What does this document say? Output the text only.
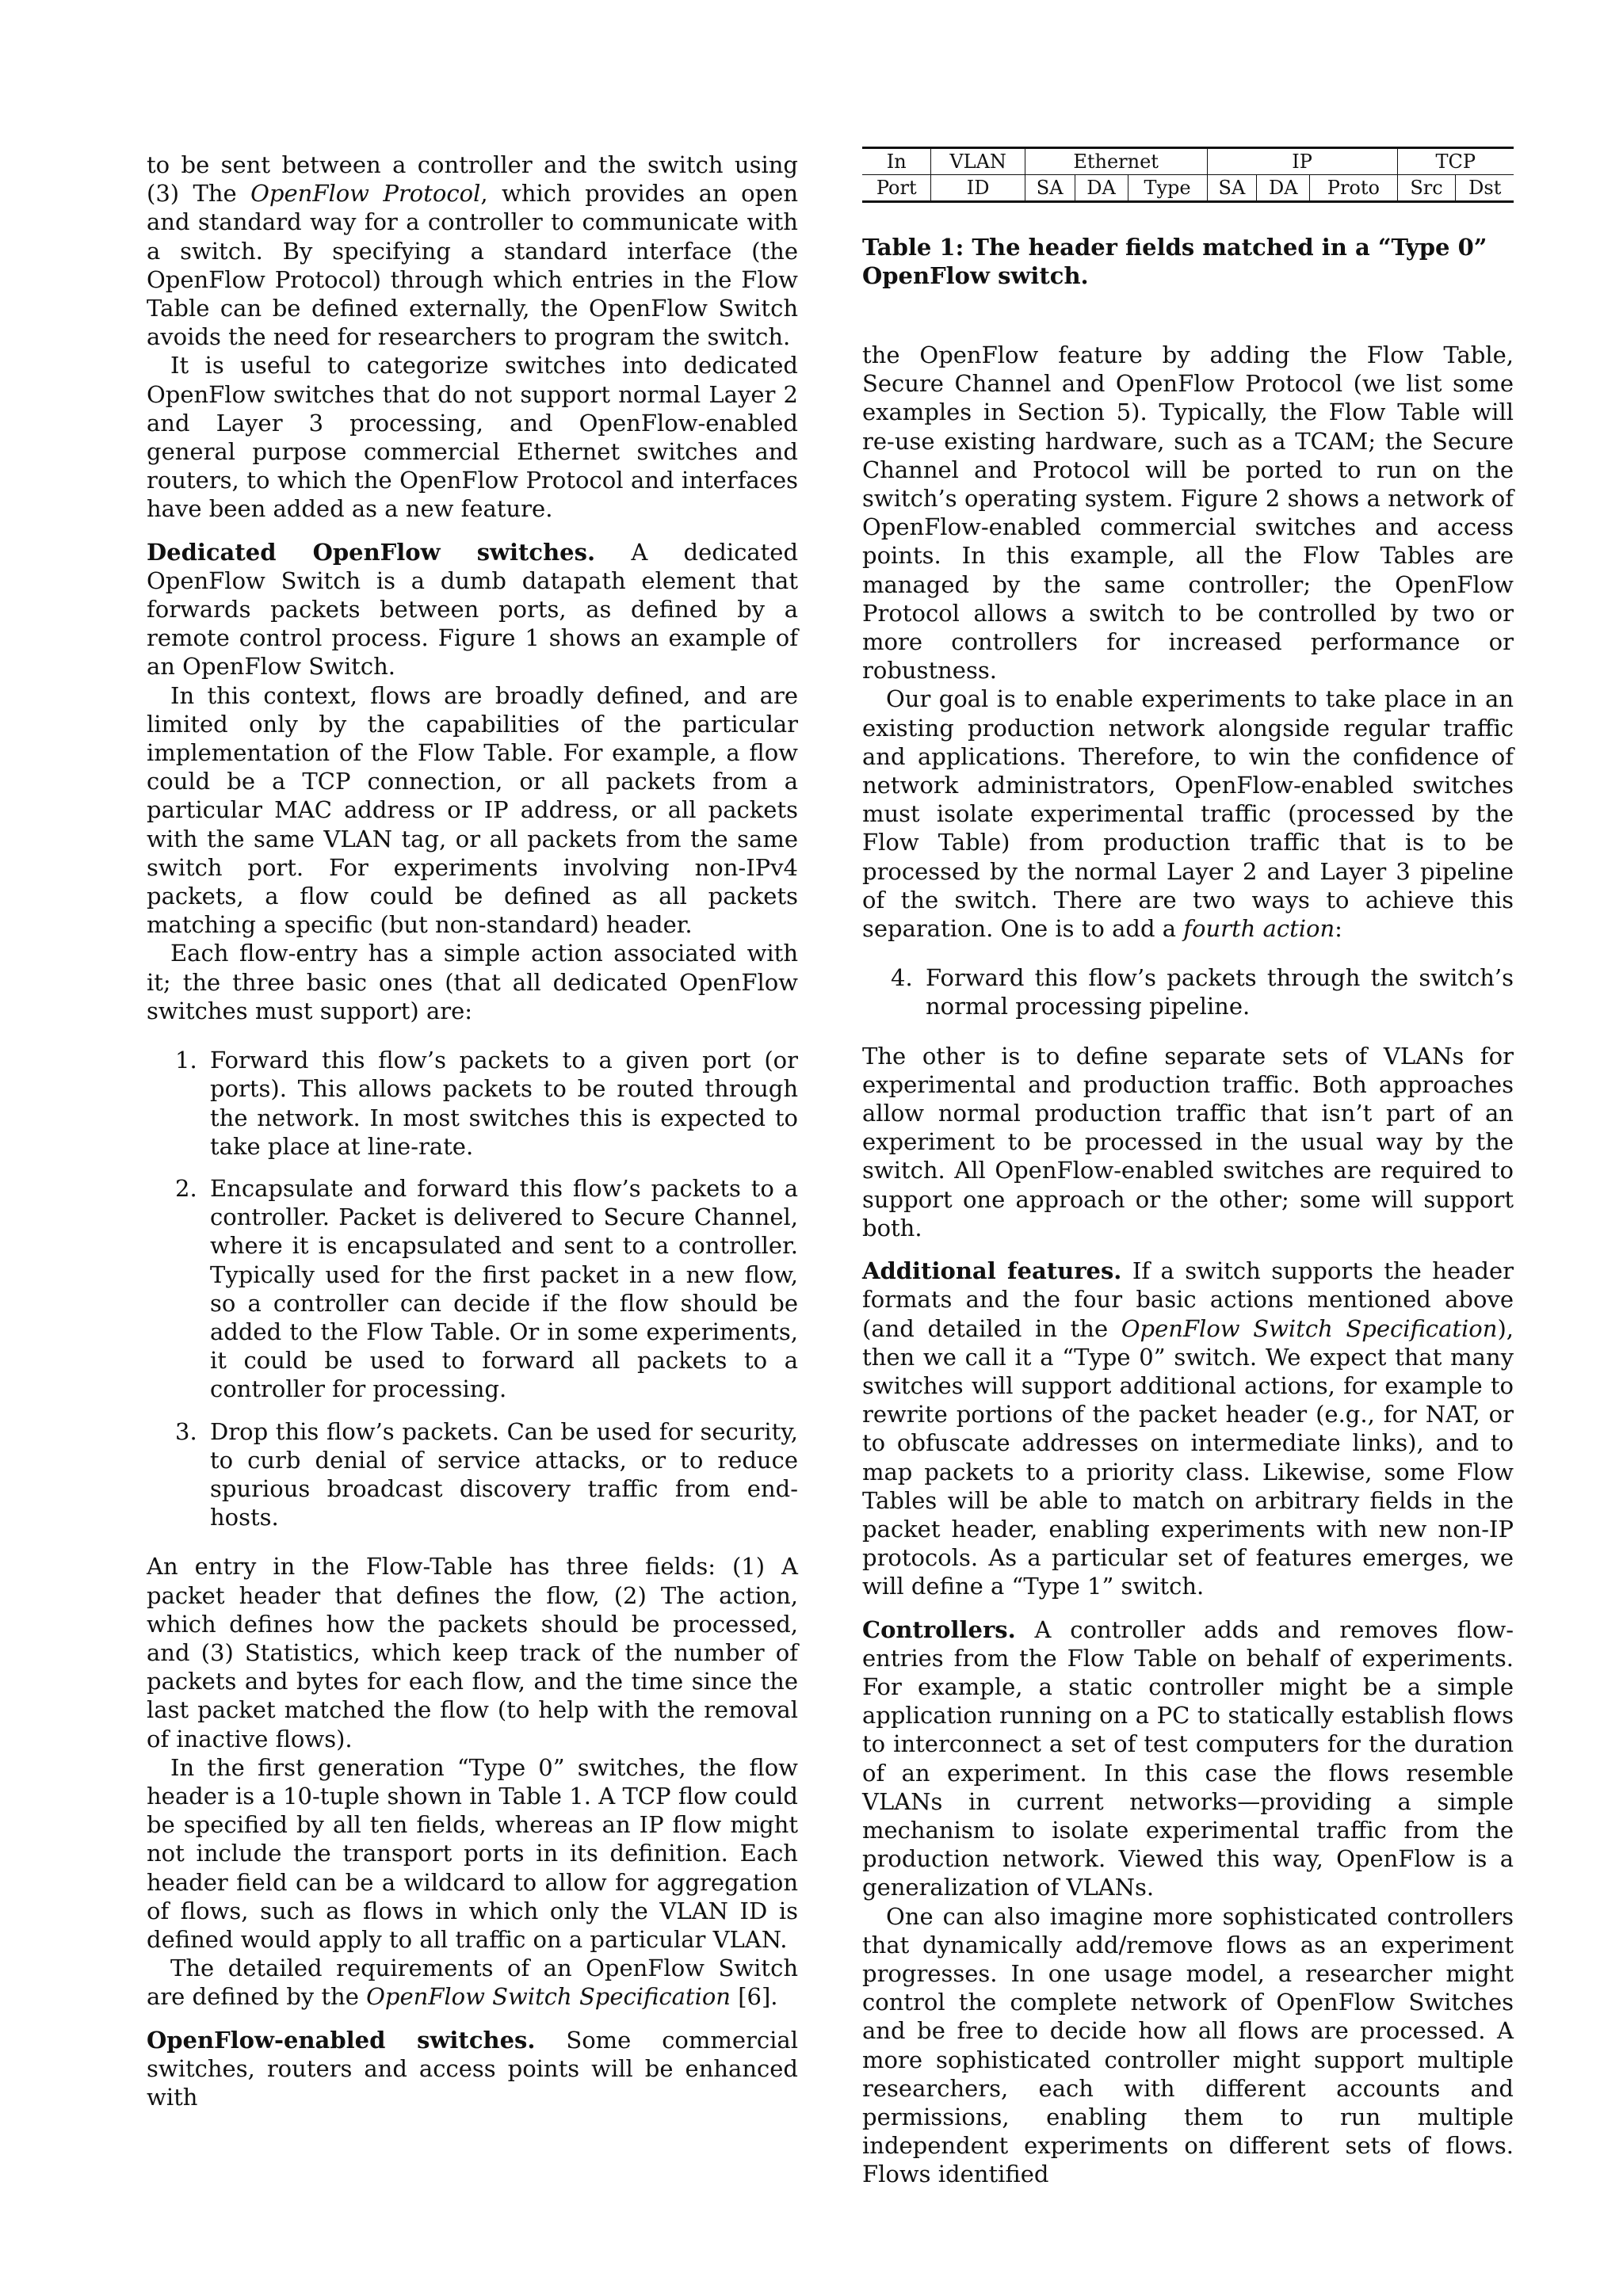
to be sent between a controller and the switch using (3) The OpenFlow Protocol, which provides an open and standard way for a controller to communicate with a switch. By specifying a standard interface (the OpenFlow Protocol) through which entries in the Flow Table can be defined externally, the OpenFlow Switch avoids the need for researchers to program the switch.

It is useful to categorize switches into dedicated OpenFlow switches that do not support normal Layer 2 and Layer 3 processing, and OpenFlow-enabled general purpose commercial Ethernet switches and routers, to which the OpenFlow Protocol and interfaces have been added as a new feature.

Dedicated OpenFlow switches. A dedicated OpenFlow Switch is a dumb datapath element that forwards packets between ports, as defined by a remote control process. Figure 1 shows an example of an OpenFlow Switch.

In this context, flows are broadly defined, and are limited only by the capabilities of the particular implementation of the Flow Table. For example, a flow could be a TCP connection, or all packets from a particular MAC address or IP address, or all packets with the same VLAN tag, or all packets from the same switch port. For experiments involving non-IPv4 packets, a flow could be defined as all packets matching a specific (but non-standard) header.

Each flow-entry has a simple action associated with it; the three basic ones (that all dedicated OpenFlow switches must support) are:

1. Forward this flow’s packets to a given port (or ports). This allows packets to be routed through the network. In most switches this is expected to take place at line-rate.
2. Encapsulate and forward this flow’s packets to a controller. Packet is delivered to Secure Channel, where it is encapsulated and sent to a controller. Typically used for the first packet in a new flow, so a controller can decide if the flow should be added to the Flow Table. Or in some experiments, it could be used to forward all packets to a controller for processing.
3. Drop this flow’s packets. Can be used for security, to curb denial of service attacks, or to reduce spurious broadcast discovery traffic from end-hosts.

An entry in the Flow-Table has three fields: (1) A packet header that defines the flow, (2) The action, which defines how the packets should be processed, and (3) Statistics, which keep track of the number of packets and bytes for each flow, and the time since the last packet matched the flow (to help with the removal of inactive flows).

In the first generation “Type 0” switches, the flow header is a 10-tuple shown in Table 1. A TCP flow could be specified by all ten fields, whereas an IP flow might not include the transport ports in its definition. Each header field can be a wildcard to allow for aggregation of flows, such as flows in which only the VLAN ID is defined would apply to all traffic on a particular VLAN.

The detailed requirements of an OpenFlow Switch are defined by the OpenFlow Switch Specification [6].

OpenFlow-enabled switches. Some commercial switches, routers and access points will be enhanced with

In	VLAN	Ethernet			IP			TCP	
Port	ID	SA	DA	Type	SA	DA	Proto	Src	Dst
Table 1: The header fields matched in a “Type 0” OpenFlow switch.

the OpenFlow feature by adding the Flow Table, Secure Channel and OpenFlow Protocol (we list some examples in Section 5). Typically, the Flow Table will re-use existing hardware, such as a TCAM; the Secure Channel and Protocol will be ported to run on the switch’s operating system. Figure 2 shows a network of OpenFlow-enabled commercial switches and access points. In this example, all the Flow Tables are managed by the same controller; the OpenFlow Protocol allows a switch to be controlled by two or more controllers for increased performance or robustness.

Our goal is to enable experiments to take place in an existing production network alongside regular traffic and applications. Therefore, to win the confidence of network administrators, OpenFlow-enabled switches must isolate experimental traffic (processed by the Flow Table) from production traffic that is to be processed by the normal Layer 2 and Layer 3 pipeline of the switch. There are two ways to achieve this separation. One is to add a fourth action:

4. Forward this flow’s packets through the switch’s normal processing pipeline.

The other is to define separate sets of VLANs for experimental and production traffic. Both approaches allow normal production traffic that isn’t part of an experiment to be processed in the usual way by the switch. All OpenFlow-enabled switches are required to support one approach or the other; some will support both.

Additional features. If a switch supports the header formats and the four basic actions mentioned above (and detailed in the OpenFlow Switch Specification), then we call it a “Type 0” switch. We expect that many switches will support additional actions, for example to rewrite portions of the packet header (e.g., for NAT, or to obfuscate addresses on intermediate links), and to map packets to a priority class. Likewise, some Flow Tables will be able to match on arbitrary fields in the packet header, enabling experiments with new non-IP protocols. As a particular set of features emerges, we will define a “Type 1” switch.

Controllers. A controller adds and removes flow-entries from the Flow Table on behalf of experiments. For example, a static controller might be a simple application running on a PC to statically establish flows to interconnect a set of test computers for the duration of an experiment. In this case the flows resemble VLANs in current networks—providing a simple mechanism to isolate experimental traffic from the production network. Viewed this way, OpenFlow is a generalization of VLANs.

One can also imagine more sophisticated controllers that dynamically add/remove flows as an experiment progresses. In one usage model, a researcher might control the complete network of OpenFlow Switches and be free to decide how all flows are processed. A more sophisticated controller might support multiple researchers, each with different accounts and permissions, enabling them to run multiple independent experiments on different sets of flows. Flows identified
